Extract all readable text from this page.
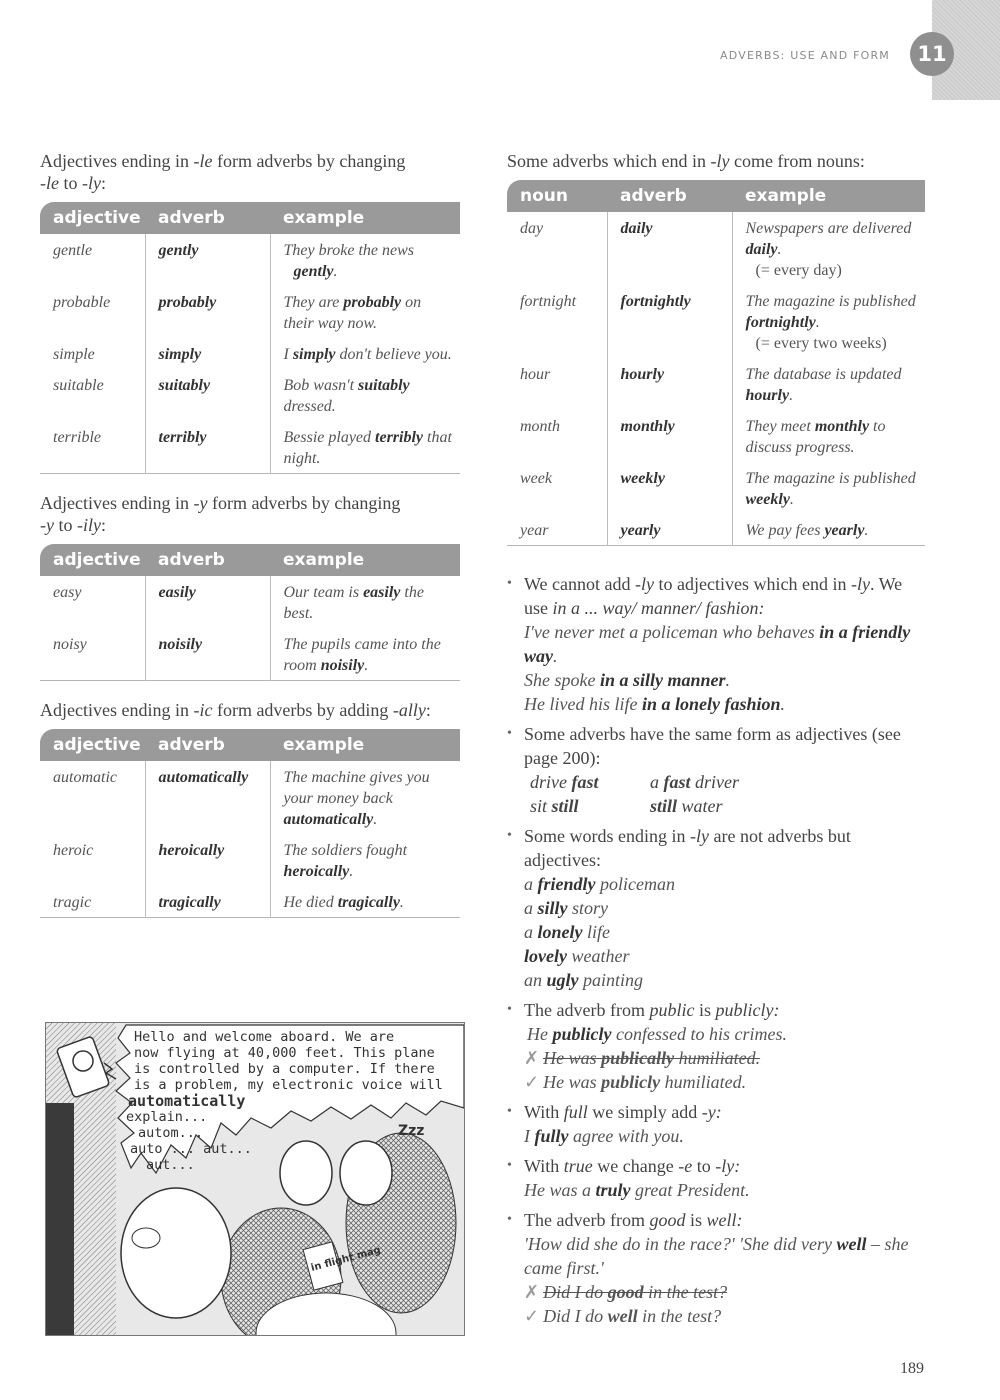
ADVERBS: USE AND FORM	11

Adjectives ending in -le form adverbs by changing
-le to -ly:

adjective	adverb	example
gentle	gently	They broke the news
gently.

probable	probably	They are probably on their way now.

simple	simply	I simply don't believe you.

suitable	suitably	Bob wasn't suitably dressed.

terrible	terribly	Bessie played terribly that night.

Adjectives ending in -y form adverbs by changing
-y to -ily:

adjective	adverb	example
easy	easily	Our team is easily the best.

noisy	noisily	The pupils came into the room noisily.

Adjectives ending in -ic form adverbs by adding -ally:

adjective	adverb	example
automatic	automatically	The machine gives you your money back automatically.

heroic	heroically	The soldiers fought heroically.

tragic	tragically	He died tragically.
in flight mag
Zzz
Hello and welcome aboard. We are
now flying at 40,000 feet. This plane
is controlled by a computer. If there
is a problem, my electronic voice will
automatically
explain...
autom...
auto ... aut...
aut...

Some adverbs which end in -ly come from nouns:

noun	adverb	example
day	daily	Newspapers are delivered daily.
(= every day)

fortnight	fortnightly	The magazine is published fortnightly.
(= every two weeks)

hour	hourly	The database is updated hourly.

month	monthly	They meet monthly to discuss progress.

week	weekly	The magazine is published weekly.

year	yearly	We pay fees yearly.
• We cannot add -ly to adjectives which end in -ly. We use in a ... way/ manner/ fashion:
I've never met a policeman who behaves in a friendly way.
She spoke in a silly manner.
He lived his life in a lonely fashion.
• Some adverbs have the same form as adjectives (see page 200):
drive fast	a fast driver
sit still	still water
• Some words ending in -ly are not adverbs but adjectives:
a friendly policeman
a silly story
a lonely life
lovely weather
an ugly painting
• The adverb from public is publicly:
He publicly confessed to his crimes.
✗ He was publically humiliated.
✓ He was publicly humiliated.
• With full we simply add -y:
I fully agree with you.
• With true we change -e to -ly:
He was a truly great President.
• The adverb from good is well:
'How did she do in the race?' 'She did very well – she came first.'
✗ Did I do good in the test?
✓ Did I do well in the test?
189
